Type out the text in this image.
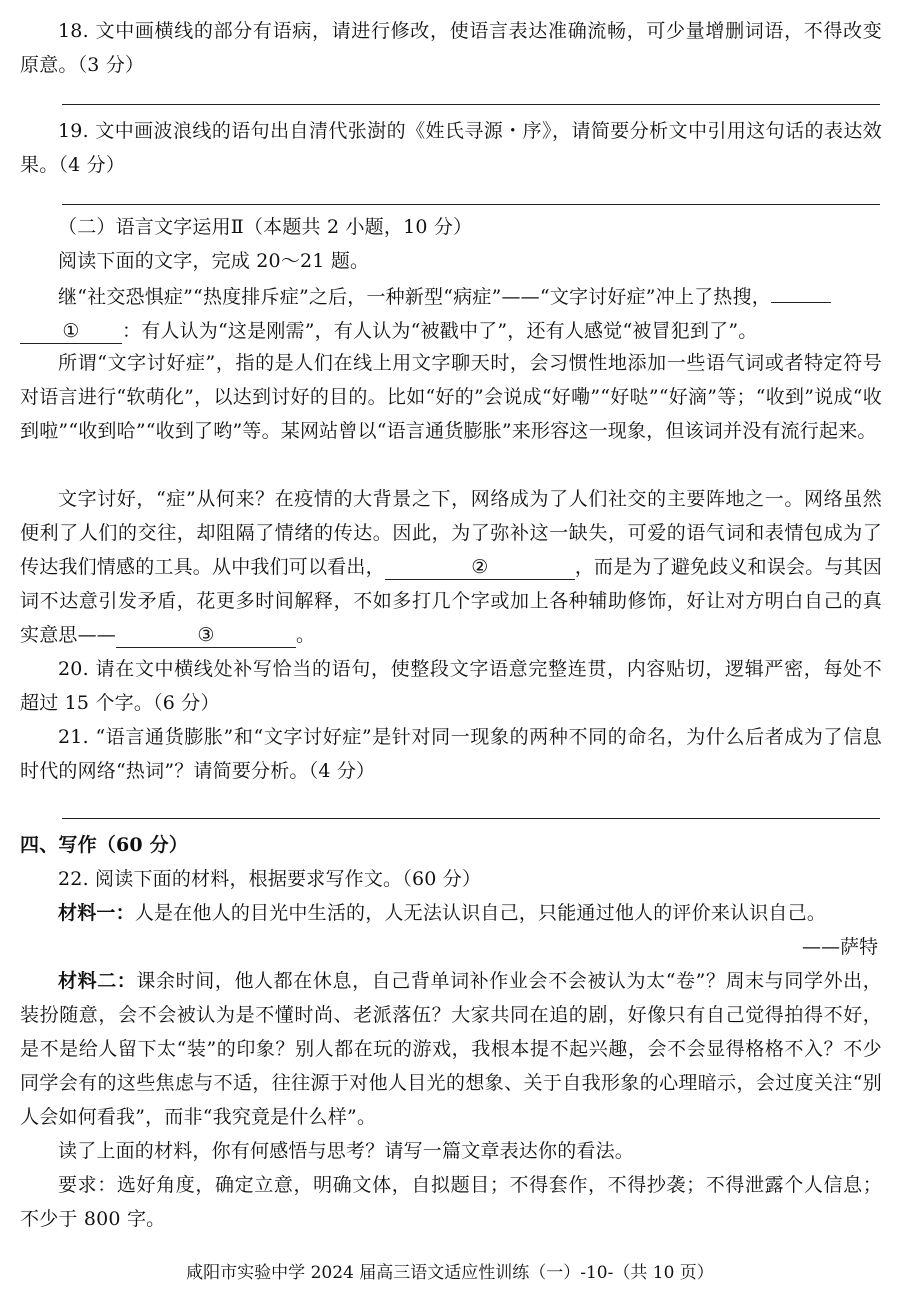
18. 文中画横线的部分有语病，请进行修改，使语言表达准确流畅，可少量增删词语，不得改变原意。（3 分）

19. 文中画波浪线的语句出自清代张澍的《姓氏寻源・序》，请简要分析文中引用这句话的表达效果。（4 分）

（二）语言文字运用Ⅱ（本题共 2 小题，10 分）

阅读下面的文字，完成 20～21 题。

继“社交恐惧症”“热度排斥症”之后，一种新型“病症”——“文字讨好症”冲上了热搜，
① ：有人认为“这是刚需”，有人认为“被戳中了”，还有人感觉“被冒犯到了”。

所谓“文字讨好症”，指的是人们在线上用文字聊天时，会习惯性地添加一些语气词或者特定符号对语言进行“软萌化”，以达到讨好的目的。比如“好的”会说成“好嘞”“好哒”“好滴”等；“收到”说成“收到啦”“收到哈”“收到了哟”等。某网站曾以“语言通货膨胀”来形容这一现象，但该词并没有流行起来。

文字讨好，“症”从何来？在疫情的大背景之下，网络成为了人们社交的主要阵地之一。网络虽然便利了人们的交往，却阻隔了情绪的传达。因此，为了弥补这一缺失，可爱的语气词和表情包成为了传达我们情感的工具。从中我们可以看出，	②	，而是为了避免歧义和误会。与其因词不达意引发矛盾，花更多时间解释，不如多打几个字或加上各种辅助修饰，好让对方明白自己的真实意思——	③	。

20. 请在文中横线处补写恰当的语句，使整段文字语意完整连贯，内容贴切，逻辑严密，每处不超过 15 个字。（6 分）

21. “语言通货膨胀”和“文字讨好症”是针对同一现象的两种不同的命名，为什么后者成为了信息时代的网络“热词”？请简要分析。（4 分）

四、写作（60 分）

22. 阅读下面的材料，根据要求写作文。（60 分）

材料一：人是在他人的目光中生活的，人无法认识自己，只能通过他人的评价来认识自己。

——萨特

材料二：课余时间，他人都在休息，自己背单词补作业会不会被认为太“卷”？周末与同学外出，装扮随意，会不会被认为是不懂时尚、老派落伍？大家共同在追的剧，好像只有自己觉得拍得不好，是不是给人留下太“装”的印象？别人都在玩的游戏，我根本提不起兴趣，会不会显得格格不入？不少同学会有的这些焦虑与不适，往往源于对他人目光的想象、关于自我形象的心理暗示，会过度关注“别人会如何看我”，而非“我究竟是什么样”。

读了上面的材料，你有何感悟与思考？请写一篇文章表达你的看法。

要求：选好角度，确定立意，明确文体，自拟题目；不得套作，不得抄袭；不得泄露个人信息；不少于 800 字。

咸阳市实验中学 2024 届高三语文适应性训练（一）-10-（共 10 页）
